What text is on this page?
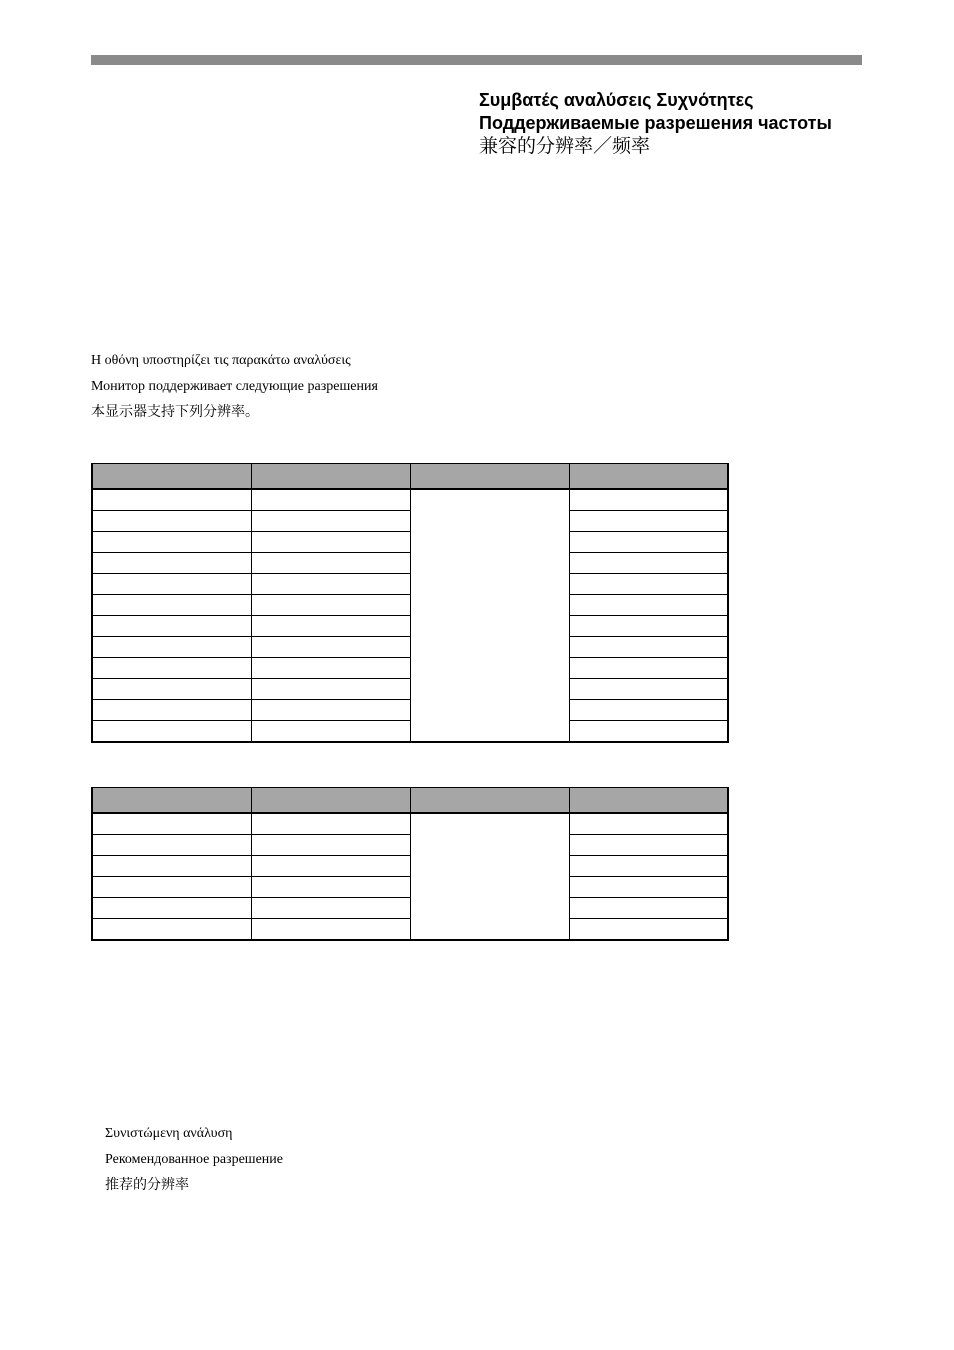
Συμβατές αναλύσεις Συχνότητες
Поддерживаемые разрешения частоты
兼容的分辨率／频率
Η οθόνη υποστηρίζει τις παρακάτω αναλύσεις
Монитор поддерживает следующие разрешения
本显示器支持下列分辨率。

Συνιστώμενη ανάλυση
Рекомендованное разрешение
推荐的分辨率
